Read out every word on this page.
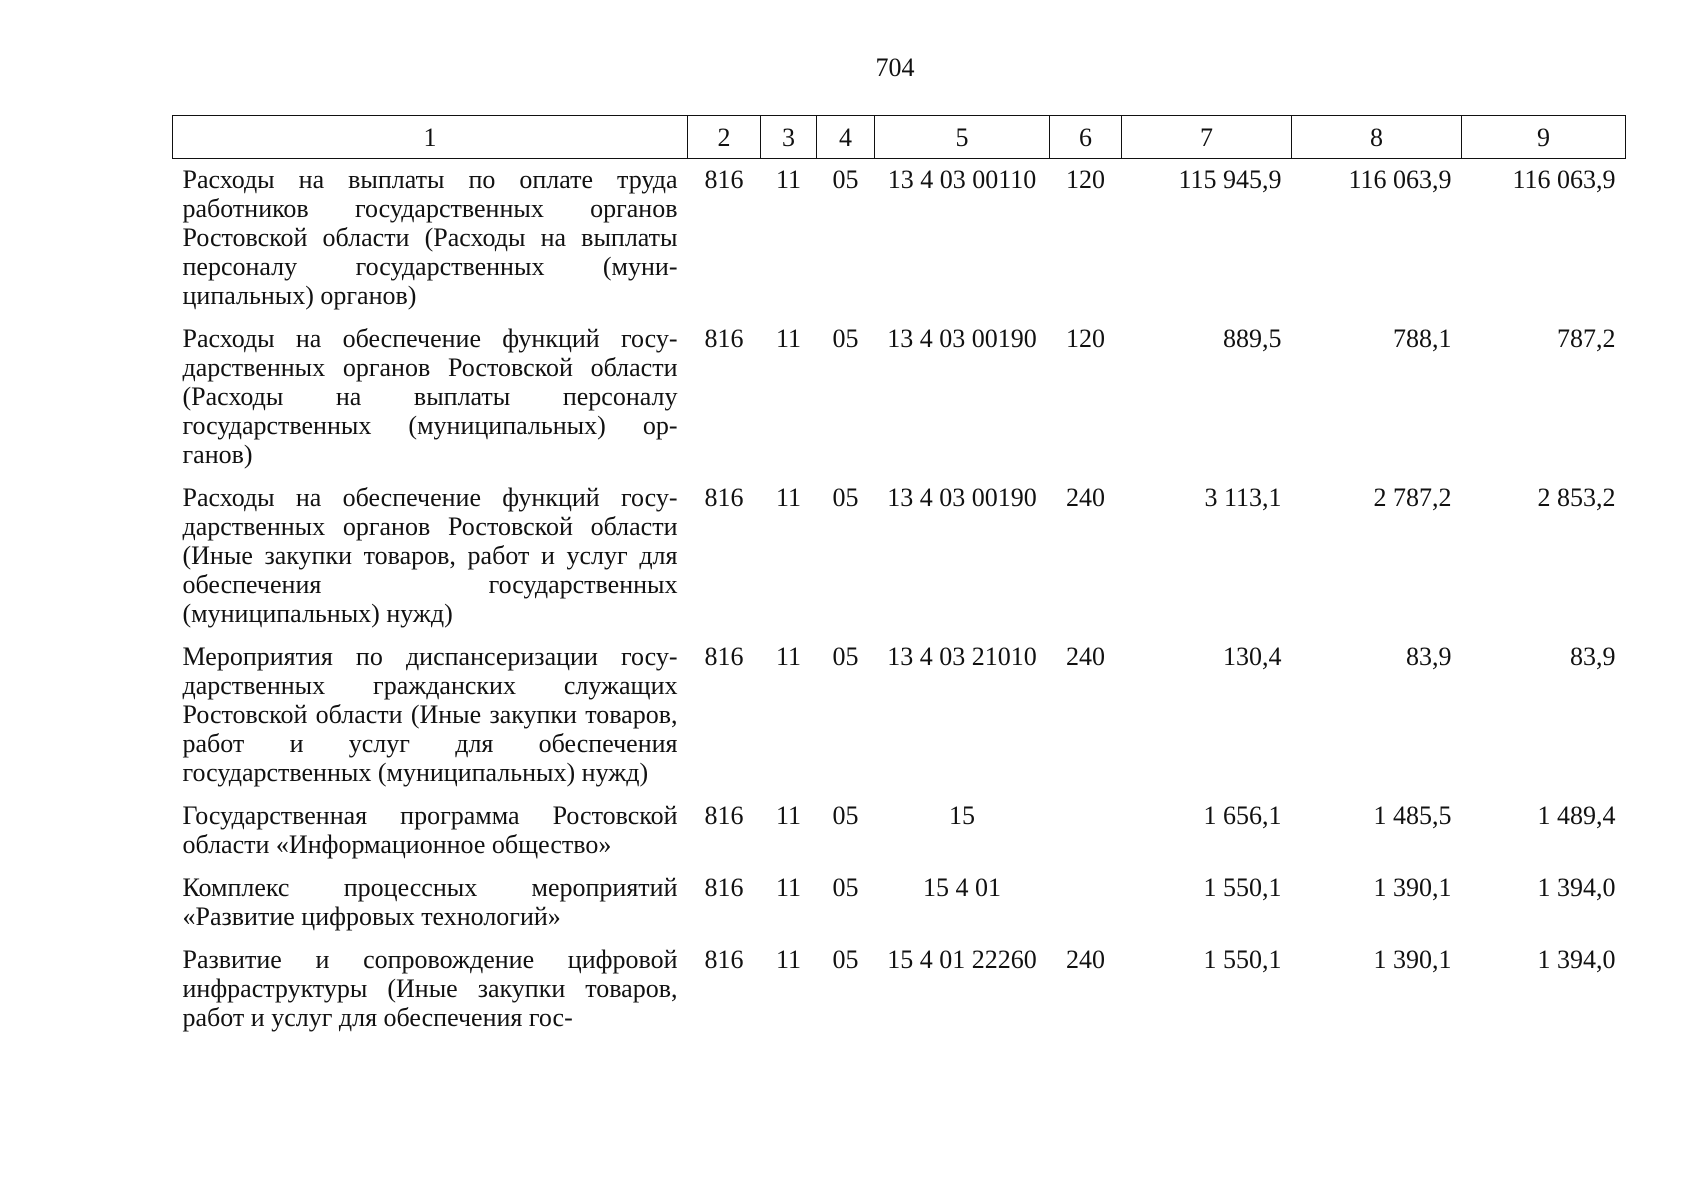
704
1	2	3	4	5	6	7	8	9
Расходы на выплаты по оплате труда работников государственных органов Ростовской области (Расходы на выплаты персоналу государственных (муниципальных) органов)	816	11	05	13 4 03 00110	120	115 945,9	116 063,9	116 063,9
Расходы на обеспечение функций государственных органов Ростовской области (Расходы на выплаты персоналу государственных (муниципальных) органов)	816	11	05	13 4 03 00190	120	889,5	788,1	787,2
Расходы на обеспечение функций государственных органов Ростовской области (Иные закупки товаров, работ и услуг для обеспечения государственных (муниципальных) нужд)	816	11	05	13 4 03 00190	240	3 113,1	2 787,2	2 853,2
Мероприятия по диспансеризации государственных гражданских служащих Ростовской области (Иные закупки товаров, работ и услуг для обеспечения государственных (муниципальных) нужд)	816	11	05	13 4 03 21010	240	130,4	83,9	83,9
Государственная программа Ростовской области «Информационное общество»	816	11	05	15		1 656,1	1 485,5	1 489,4
Комплекс процессных мероприятий «Развитие цифровых технологий»	816	11	05	15 4 01		1 550,1	1 390,1	1 394,0
Развитие и сопровождение цифровой инфраструктуры (Иные закупки товаров, работ и услуг для обеспечения гос-	816	11	05	15 4 01 22260	240	1 550,1	1 390,1	1 394,0
